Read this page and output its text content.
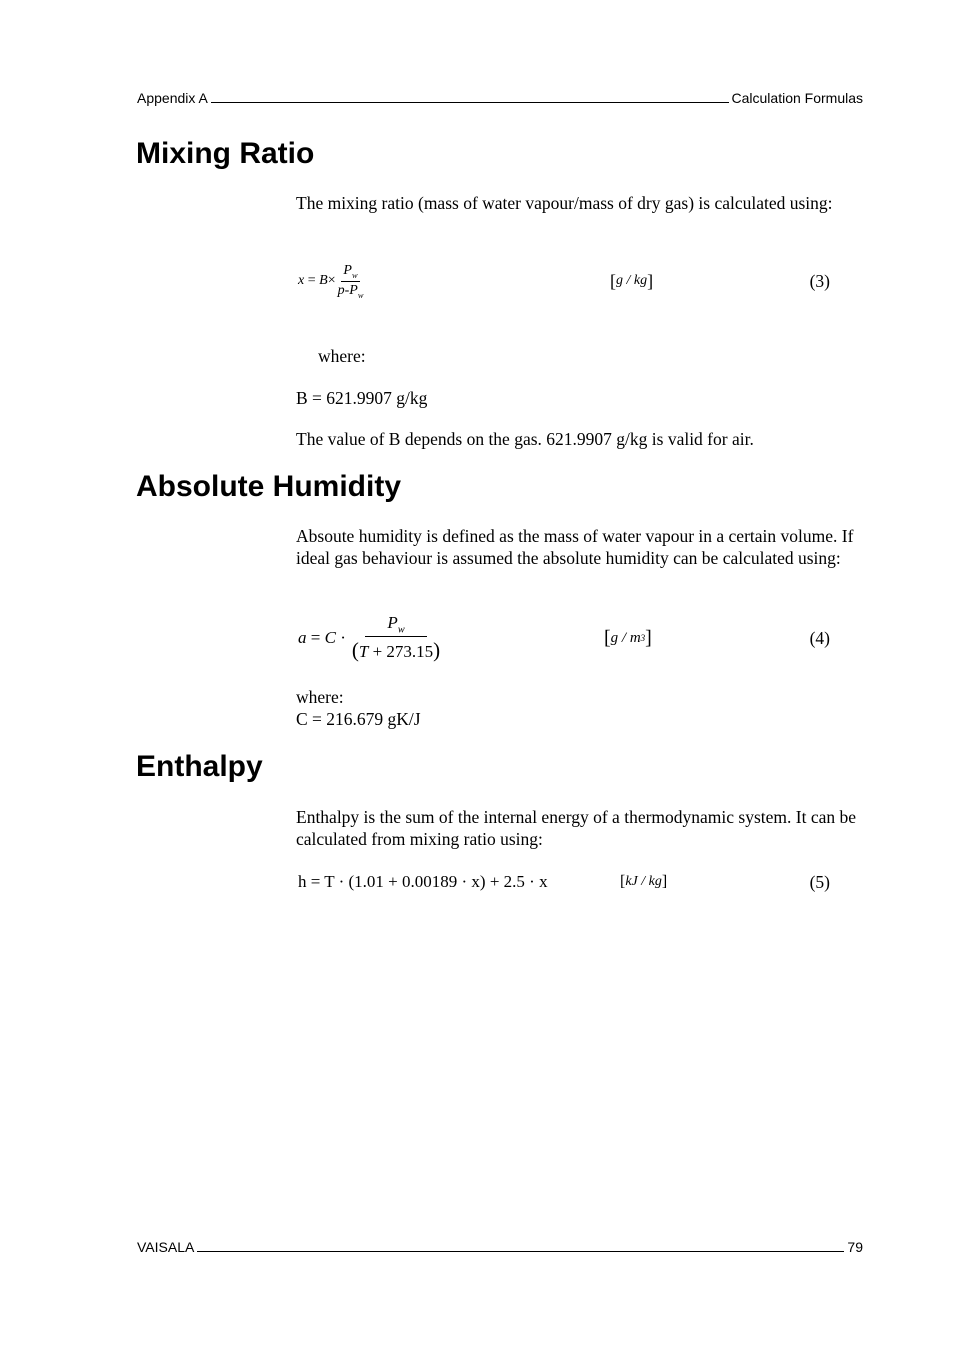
Appendix A	Calculation Formulas
Mixing Ratio

The mixing ratio (mass of water vapour/mass of dry gas) is calculated using:

x
=
$B \times \frac{P_w}{p-P_w}$	[ g / kg ]	(3)

where:

B = 621.9907 g/kg

The value of B depends on the gas. 621.9907 g/kg is valid for air.

Absolute Humidity

Absoute humidity is defined as the mass of water vapour in a certain volume. If ideal gas behaviour is assumed the absolute humidity can be calculated using:

a
=
C
· $\frac{P_w}{(T + 273.15)}$	[ g / m 3 ]	(4)

where:

C = 216.679 gK/J

Enthalpy

Enthalpy is the sum of the internal energy of a thermodynamic system. It can be calculated from mixing ratio using:

h = T · (1.01 + 0.00189 · x) + 2.5 · x	[ kJ / kg ]	(5)
VAISALA	79
